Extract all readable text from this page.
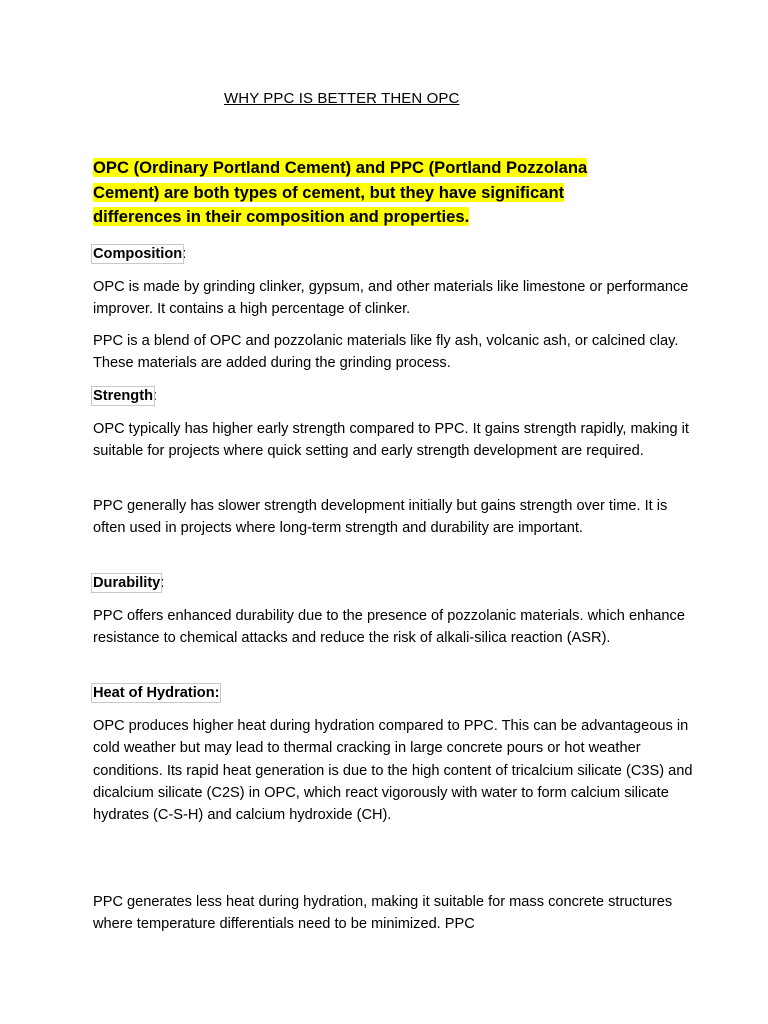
WHY PPC IS BETTER THEN OPC
OPC (Ordinary Portland Cement) and PPC (Portland Pozzolana Cement) are both types of cement, but they have significant differences in their composition and properties.
Composition:
OPC is made by grinding clinker, gypsum, and other materials like limestone or performance improver. It contains a high percentage of clinker.
PPC is a blend of OPC and pozzolanic materials like fly ash, volcanic ash, or calcined clay. These materials are added during the grinding process.
Strength:
OPC typically has higher early strength compared to PPC. It gains strength rapidly, making it suitable for projects where quick setting and early strength development are required.
PPC generally has slower strength development initially but gains strength over time. It is often used in projects where long-term strength and durability are important.
Durability:
PPC offers enhanced durability due to the presence of pozzolanic materials. which enhance resistance to chemical attacks and reduce the risk of alkali-silica reaction (ASR).
Heat of Hydration:
OPC produces higher heat during hydration compared to PPC. This can be advantageous in cold weather but may lead to thermal cracking in large concrete pours or hot weather conditions. Its rapid heat generation is due to the high content of tricalcium silicate (C3S) and dicalcium silicate (C2S) in OPC, which react vigorously with water to form calcium silicate hydrates (C-S-H) and calcium hydroxide (CH).
PPC generates less heat during hydration, making it suitable for mass concrete structures where temperature differentials need to be minimized. PPC
